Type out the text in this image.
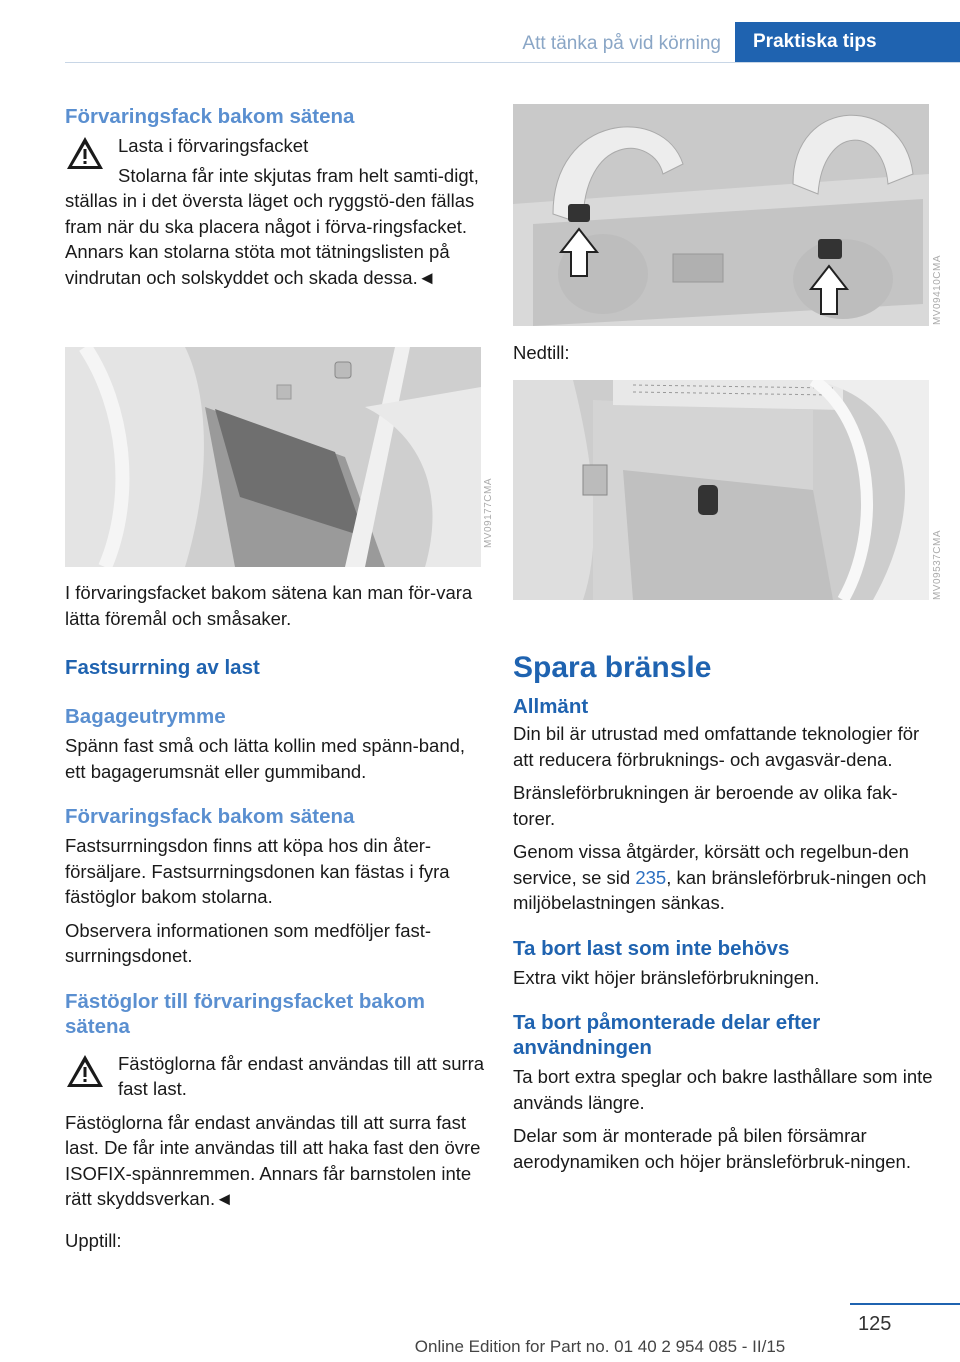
Att tänka på vid körning	Praktiska tips
Förvaringsfack bakom sätena

Lasta i förvaringsfacket

Stolarna får inte skjutas fram helt samti-digt, ställas in i det översta läget och ryggstö-den fällas fram när du ska placera något i förva-ringsfacket. Annars kan stolarna stöta mot tätningslisten på vindrutan och solskyddet och skada dessa.◄

MV09177CMA

I förvaringsfacket bakom sätena kan man för-vara lätta föremål och småsaker.

Fastsurrning av last
Bagageutrymme

Spänn fast små och lätta kollin med spänn-band, ett bagagerumsnät eller gummiband.

Förvaringsfack bakom sätena

Fastsurrningsdon finns att köpa hos din åter-försäljare. Fastsurrningsdonen kan fästas i fyra fästöglor bakom stolarna.

Observera informationen som medföljer fast-surrningsdonet.

Fästöglor till förvaringsfacket bakom sätena

Fästöglorna får endast användas till att surra fast last.

Fästöglorna får endast användas till att surra fast last. De får inte användas till att haka fast den övre ISOFIX-spännremmen. Annars får barnstolen inte rätt skyddsverkan.◄

Upptill:

MV09410CMA

Nedtill:

MV09537CMA
Spara bränsle
Allmänt

Din bil är utrustad med omfattande teknologier för att reducera förbruknings- och avgasvär-dena.

Bränsleförbrukningen är beroende av olika fak-torer.

Genom vissa åtgärder, körsätt och regelbun-den service, se sid 235, kan bränsleförbruk-ningen och miljöbelastningen sänkas.

Ta bort last som inte behövs

Extra vikt höjer bränsleförbrukningen.

Ta bort påmonterade delar efter användningen

Ta bort extra speglar och bakre lasthållare som inte används längre.

Delar som är monterade på bilen försämrar aerodynamiken och höjer bränsleförbruk-ningen.

125
Online Edition for Part no. 01 40 2 954 085 - II/15
